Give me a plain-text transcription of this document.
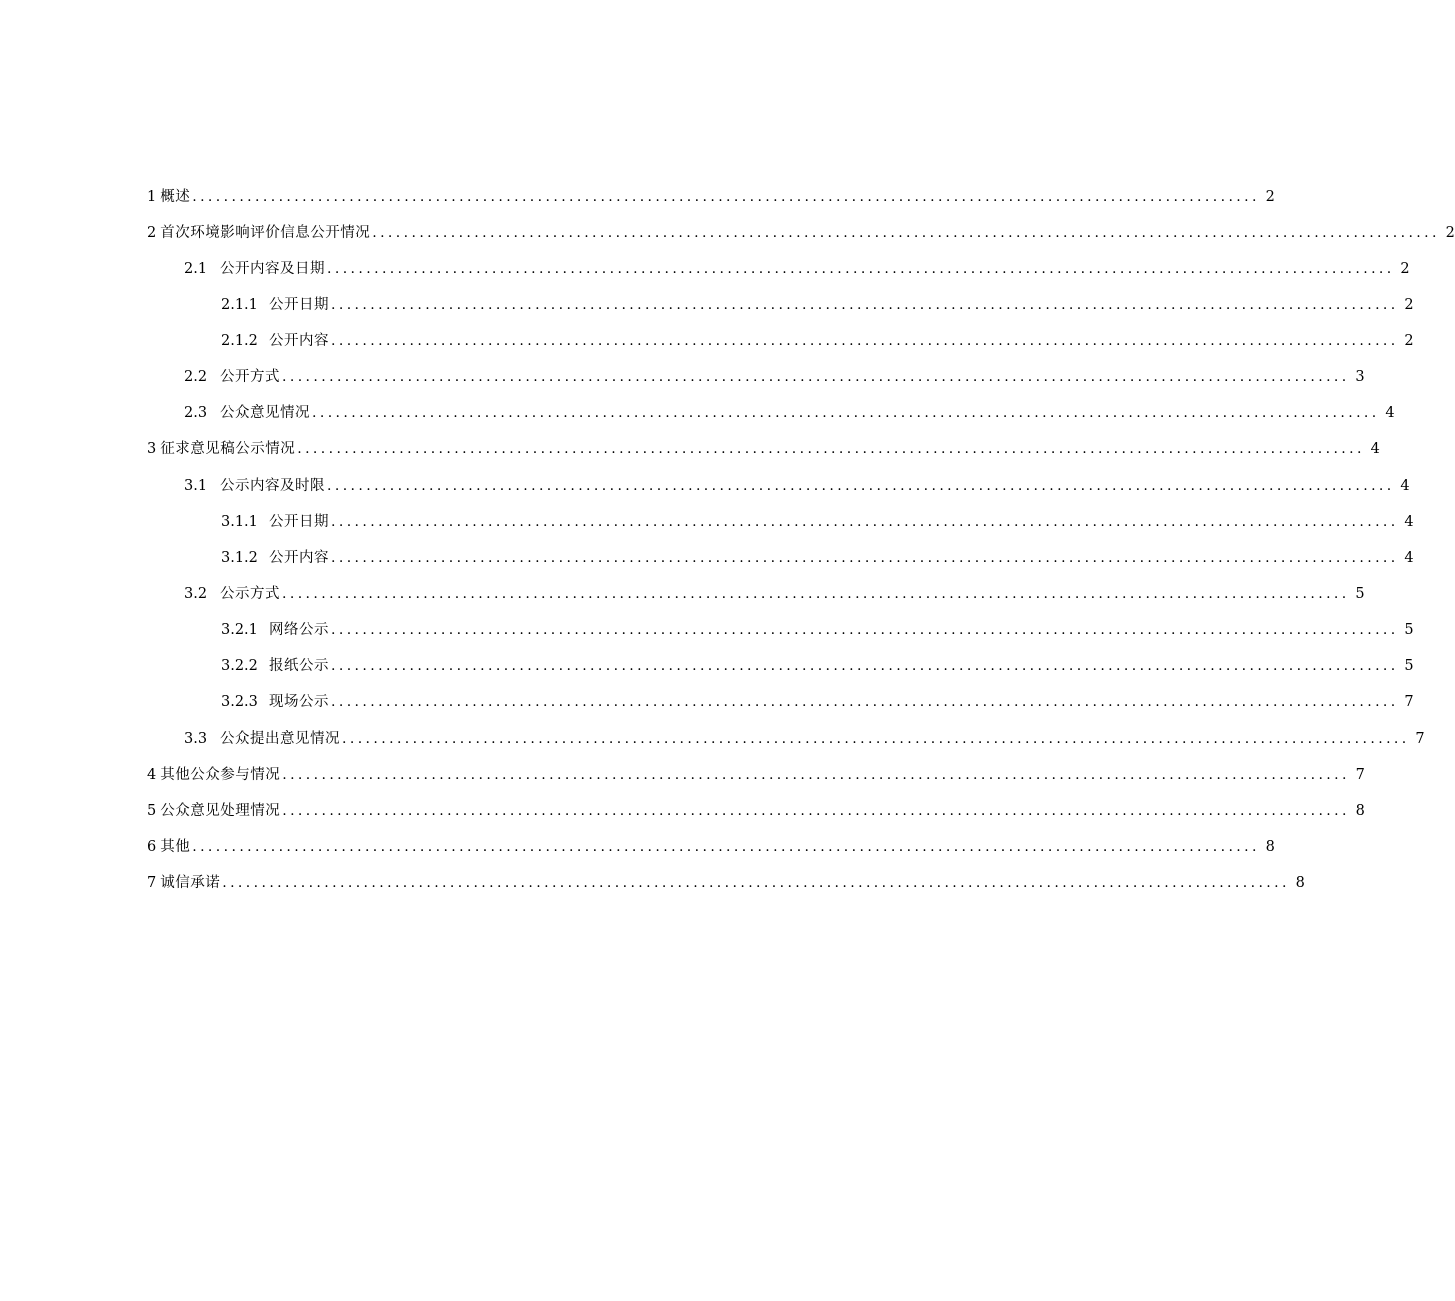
1 概述 ........................................................................................................................................ 2
2 首次环境影响评价信息公开情况 ........................................................................................................................................ 2
2.1 公开内容及日期 ........................................................................................................................................ 2
2.1.1 公开日期 ........................................................................................................................................ 2
2.1.2 公开内容 ........................................................................................................................................ 2
2.2 公开方式 ........................................................................................................................................ 3
2.3 公众意见情况 ........................................................................................................................................ 4
3 征求意见稿公示情况 ........................................................................................................................................ 4
3.1 公示内容及时限 ........................................................................................................................................ 4
3.1.1 公开日期 ........................................................................................................................................ 4
3.1.2 公开内容 ........................................................................................................................................ 4
3.2 公示方式 ........................................................................................................................................ 5
3.2.1 网络公示 ........................................................................................................................................ 5
3.2.2 报纸公示 ........................................................................................................................................ 5
3.2.3 现场公示 ........................................................................................................................................ 7
3.3 公众提出意见情况 ........................................................................................................................................ 7
4 其他公众参与情况 ........................................................................................................................................ 7
5 公众意见处理情况 ........................................................................................................................................ 8
6 其他 ........................................................................................................................................ 8
7 诚信承诺 ........................................................................................................................................ 8
